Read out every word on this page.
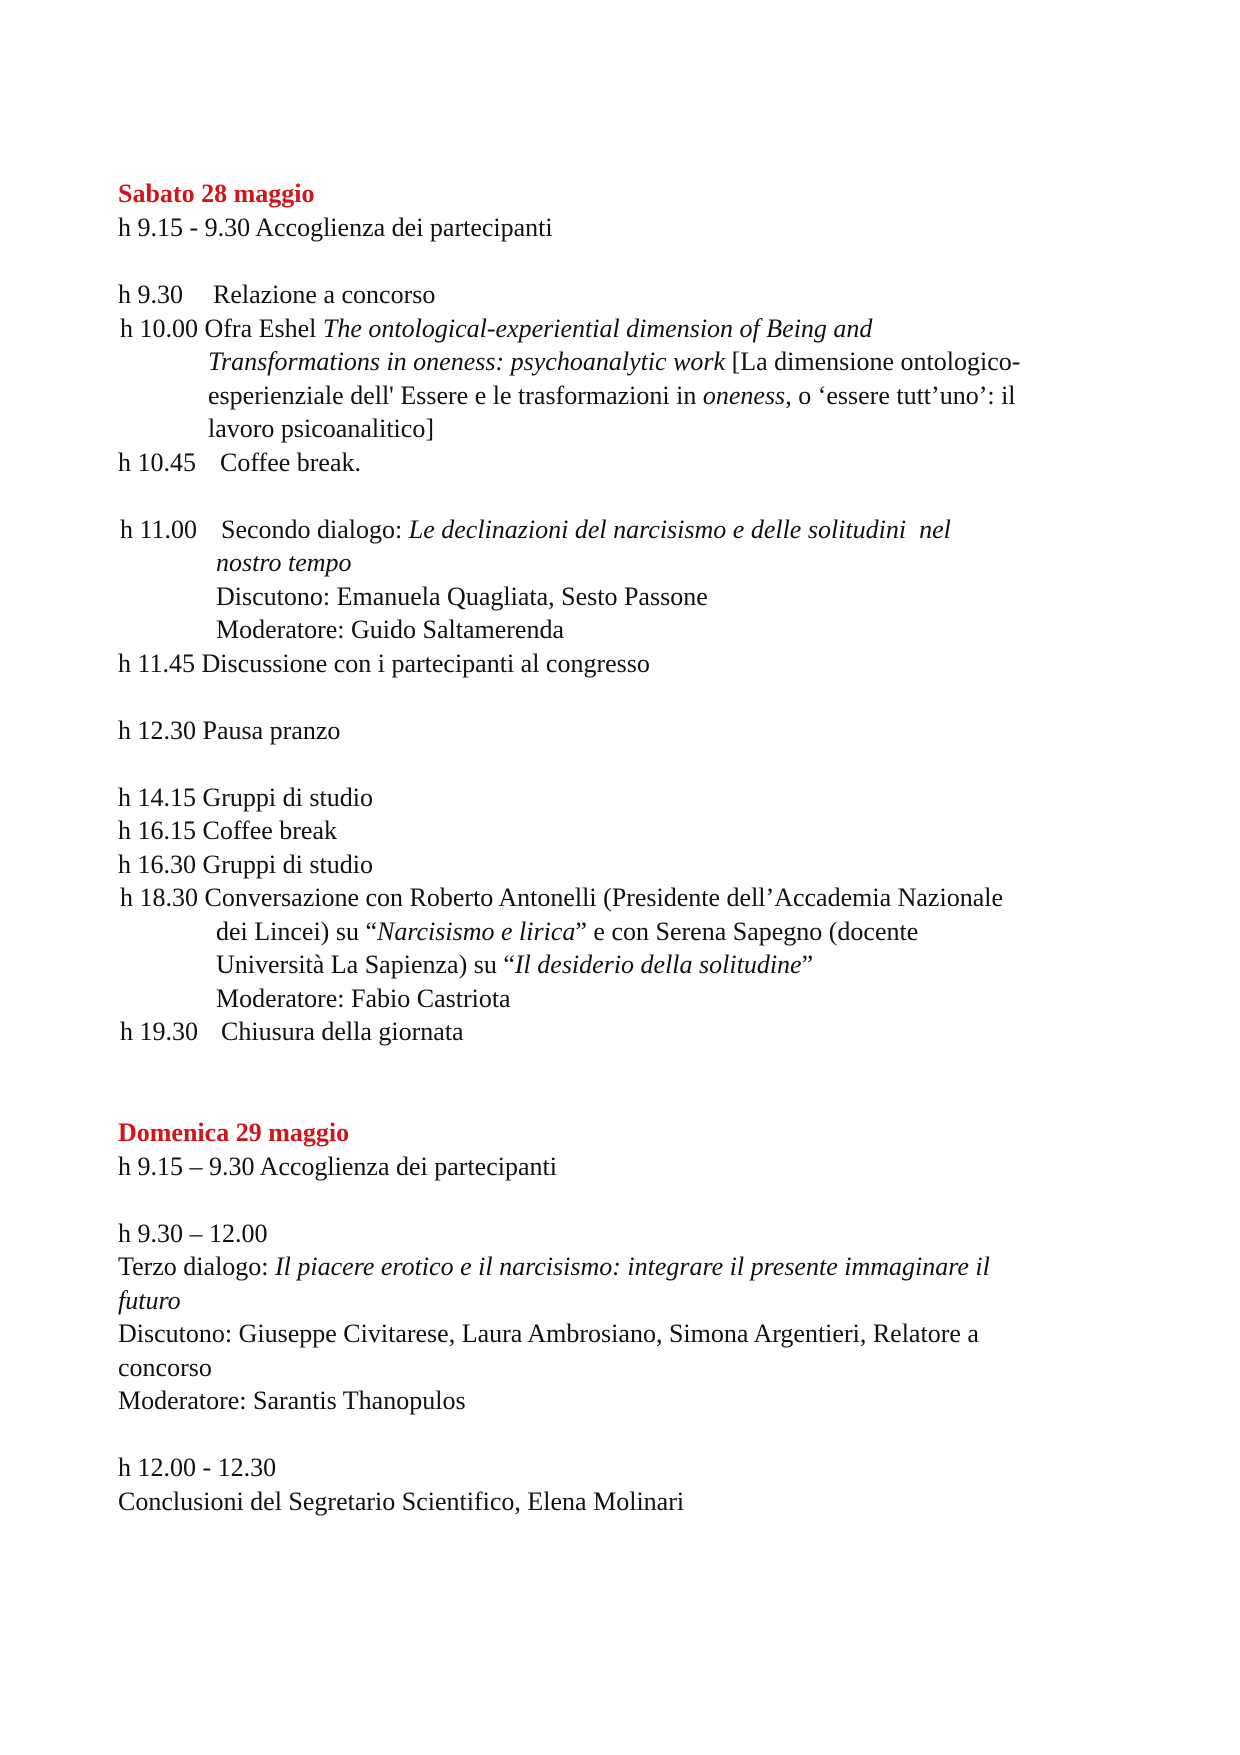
Sabato 28 maggio
h 9.15 - 9.30 Accoglienza dei partecipanti
h 9.30 Relazione a concorso
h 10.00 Ofra Eshel The ontological-experiential dimension of Being and
Transformations in oneness: psychoanalytic work [La dimensione ontologico-
esperienziale dell' Essere e le trasformazioni in oneness, o ‘essere tutt’uno’: il
lavoro psicoanalitico]
h 10.45 Coffee break.
h 11.00 Secondo dialogo: Le declinazioni del narcisismo e delle solitudini  nel
nostro tempo
Discutono: Emanuela Quagliata, Sesto Passone
Moderatore: Guido Saltamerenda
h 11.45 Discussione con i partecipanti al congresso
h 12.30 Pausa pranzo
h 14.15 Gruppi di studio
h 16.15 Coffee break
h 16.30 Gruppi di studio
h 18.30 Conversazione con Roberto Antonelli (Presidente dell’Accademia Nazionale
dei Lincei) su “Narcisismo e lirica” e con Serena Sapegno (docente
Università La Sapienza) su “Il desiderio della solitudine”
Moderatore: Fabio Castriota
h 19.30 Chiusura della giornata
Domenica 29 maggio
h 9.15 – 9.30 Accoglienza dei partecipanti
h 9.30 – 12.00
Terzo dialogo: Il piacere erotico e il narcisismo: integrare il presente immaginare il
futuro
Discutono: Giuseppe Civitarese, Laura Ambrosiano, Simona Argentieri, Relatore a
concorso
Moderatore: Sarantis Thanopulos
h 12.00 - 12.30
Conclusioni del Segretario Scientifico, Elena Molinari
